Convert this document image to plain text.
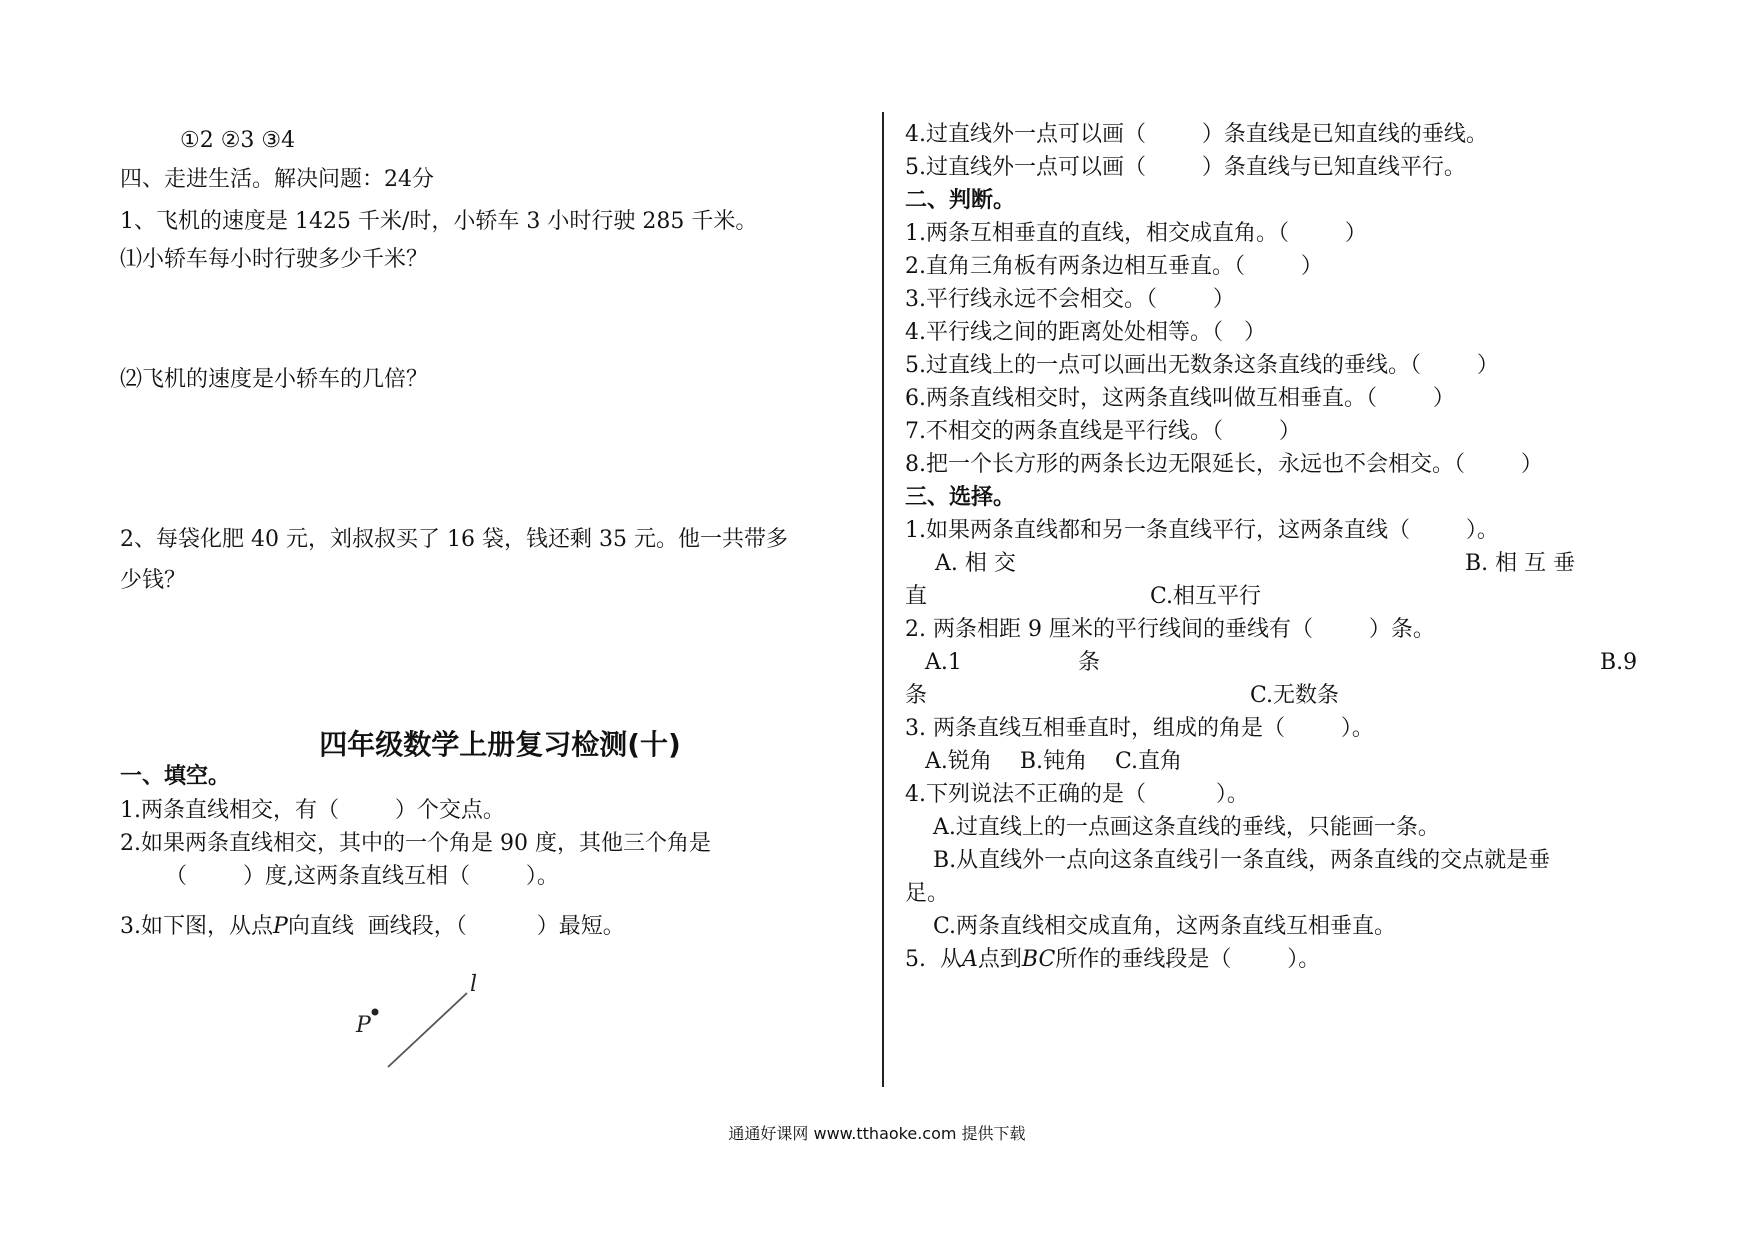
①2 ②3 ③4
四、走进生活。解决问题：24分
1、飞机的速度是 1425 千米/时，小轿车 3 小时行驶 285 千米。
⑴小轿车每小时行驶多少千米？
⑵飞机的速度是小轿车的几倍？
2、每袋化肥 40 元，刘叔叔买了 16 袋，钱还剩 35 元。他一共带多
少钱？
四年级数学上册复习检测(十)
一、填空。
1.两条直线相交，有（        ）个交点。
2.如果两条直线相交，其中的一个角是 90 度，其他三个角是
（        ）度,这两条直线互相（        ）。
3.如下图，从点P向直线  画线段，（          ）最短。
P
l
4.过直线外一点可以画（        ）条直线是已知直线的垂线。
5.过直线外一点可以画（        ）条直线与已知直线平行。
二、判断。
1.两条互相垂直的直线，相交成直角。（        ）
2.直角三角板有两条边相互垂直。（        ）
3.平行线永远不会相交。（        ）
4.平行线之间的距离处处相等。（   ）
5.过直线上的一点可以画出无数条这条直线的垂线。（        ）
6.两条直线相交时，这两条直线叫做互相垂直。（        ）
7.不相交的两条直线是平行线。（        ）
8.把一个长方形的两条长边无限延长，永远也不会相交。（        ）
三、选择。
1.如果两条直线都和另一条直线平行，这两条直线（        ）。
A. 相 交	B. 相 互 垂
直	C.相互平行
2. 两条相距 9 厘米的平行线间的垂线有（        ）条。
A.1	条	B.9
条	C.无数条
3. 两条直线互相垂直时，组成的角是（        ）。
A.锐角    B.钝角    C.直角
4.下列说法不正确的是（          ）。
A.过直线上的一点画这条直线的垂线，只能画一条。
B.从直线外一点向这条直线引一条直线，两条直线的交点就是垂
足。
C.两条直线相交成直角，这两条直线互相垂直。
5.  从A点到BC所作的垂线段是（        ）。
通通好课网 www.tthaoke.com 提供下载
